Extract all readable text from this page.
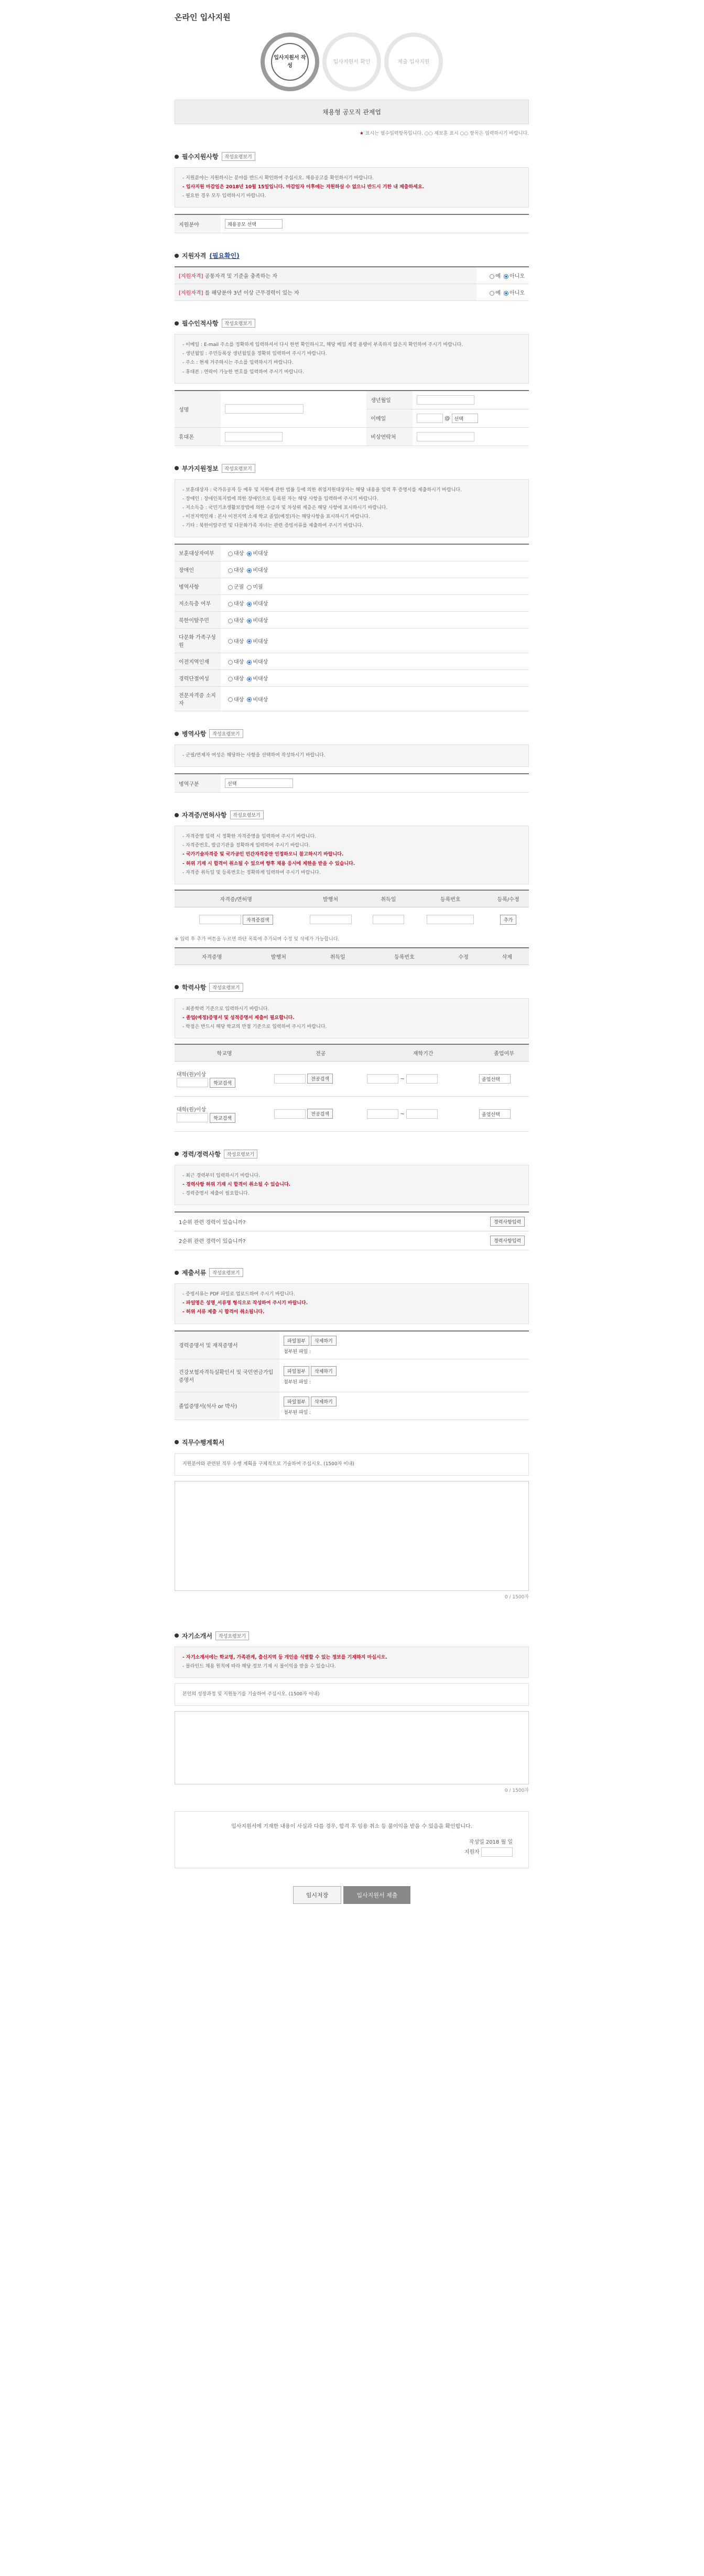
온라인 입사지원
입사지원서 작성
입사지원서 확인	제출 입사지원
채용형 공모직 관제업
★ 표시는 필수입력항목입니다. ○○ 재보훈 표시 ○○ 항목은 입력하시기 바랍니다.
필수지원사항	작성요령보기
- 지원분야는 지원하시는 분야를 반드시 확인하여 주십시오. 채용공고를 확인하시기 바랍니다.
- 입사지원 마감일은 2018년 10월 15일입니다. 마감일자 이후에는 지원하실 수 없으니 반드시 기한 내 제출하세요.
- 필요한 경우 모두 입력하시기 바랍니다.
지원분야	채용공모 선택
지원자격 (필요확인)
[지원자격] 공통자격 및 기준을 충족하는 자	예 아니오
[지원자격] 를 해당분야 3년 이상 근무경력이 있는 자	예 아니오
필수인적사항	작성요령보기
- 이메일 : E-mail 주소를 정확하게 입력하셔서 다시 한번 확인하시고, 해당 메일 계정 용량이 부족하지 않은지 확인하여 주시기 바랍니다.
- 생년월일 : 주민등록상 생년월일을 정확히 입력하여 주시기 바랍니다.
- 주소 : 현재 거주하시는 주소를 입력하시기 바랍니다.
- 휴대폰 : 연락이 가능한 번호를 입력하여 주시기 바랍니다.
성명		생년월일	
		이메일	@ 선택
휴대폰		비상연락처	
부가지원정보	작성요령보기
- 보훈대상자 : 국가유공자 등 예우 및 지원에 관한 법률 등에 의한 취업지원대상자는 해당 내용을 입력 후 증명서를 제출하시기 바랍니다.
- 장애인 : 장애인복지법에 의한 장애인으로 등록된 자는 해당 사항을 입력하여 주시기 바랍니다.
- 저소득층 : 국민기초생활보장법에 의한 수급자 및 차상위 계층은 해당 사항에 표시하시기 바랍니다.
- 이전지역인재 : 본사 이전지역 소재 학교 졸업(예정)자는 해당사항을 표시하시기 바랍니다.
- 기타 : 북한이탈주민 및 다문화가족 자녀는 관련 증빙서류를 제출하여 주시기 바랍니다.
보훈대상자여부	대상 비대상
장애인	대상 비대상
병역사항	군필 미필
저소득층 여부	대상 비대상
북한이탈주민	대상 비대상
다문화 가족구성원	대상 비대상
이전지역인재	대상 비대상
경력단절여성	대상 비대상
전문자격증 소지자	대상 비대상
병역사항	작성요령보기
- 군필/면제자 여성은 해당하는 사항을 선택하여 작성하시기 바랍니다.
병역구분	선택
자격증/면허사항	작성요령보기
- 자격증명 입력 시 정확한 자격증명을 입력하여 주시기 바랍니다.
- 자격증번호, 발급기관을 정확하게 입력하여 주시기 바랍니다.
- 국가기술자격증 및 국가공인 민간자격증만 인정하오니 참고하시기 바랍니다.
- 허위 기재 시 합격이 취소될 수 있으며 향후 채용 응시에 제한을 받을 수 있습니다.
- 자격증 취득일 및 등록번호는 정확하게 입력하여 주시기 바랍니다.
자격증/면허명	발행처	취득일	등록번호	등록/수정
자격증검색				추가
※ 입력 후 추가 버튼을 누르면 하단 목록에 추가되며 수정 및 삭제가 가능합니다.
자격증명	발행처	취득일	등록번호	수정	삭제
학력사항	작성요령보기
- 최종학력 기준으로 입력하시기 바랍니다.
- 졸업(예정)증명서 및 성적증명서 제출이 필요합니다.
- 학점은 반드시 해당 학교의 만점 기준으로 입력하여 주시기 바랍니다.
학교명	전공	재학기간	졸업여부

대학(원)이상
학교검색	전공검색	~	졸업선택

대학(원)이상
학교검색	전공검색	~	졸업선택
경력/경력사항	작성요령보기
- 최근 경력부터 입력하시기 바랍니다.
- 경력사항 허위 기재 시 합격이 취소될 수 있습니다.
- 경력증명서 제출이 필요합니다.
1순위 관련 경력이 있습니까?	경력사항입력

2순위 관련 경력이 있습니까?	경력사항입력
제출서류	작성요령보기
- 증빙서류는 PDF 파일로 업로드하여 주시기 바랍니다.
- 파일명은 성명_서류명 형식으로 작성하여 주시기 바랍니다.
- 허위 서류 제출 시 합격이 취소됩니다.
경력증명서 및 재직증명서	파일첨부 삭제하기
첨부된 파일 :

건강보험자격득실확인서 및 국민연금가입증명서	파일첨부 삭제하기
첨부된 파일 :

졸업증명서(석사 or 박사)	파일첨부 삭제하기
첨부된 파일 :
직무수행계획서
지원분야와 관련된 직무 수행 계획을 구체적으로 기술하여 주십시오. (1500자 이내)
0 / 1500자
자기소개서	작성요령보기
- 자기소개서에는 학교명, 가족관계, 출신지역 등 개인을 식별할 수 있는 정보를 기재하지 마십시오.
- 블라인드 채용 원칙에 따라 해당 정보 기재 시 불이익을 받을 수 있습니다.
본인의 성장과정 및 지원동기를 기술하여 주십시오. (1500자 이내)
0 / 1500자
입사지원서에 기재한 내용이 사실과 다를 경우, 합격 후 임용 취소 등 불이익을 받을 수 있음을 확인합니다.
작성일 2018 월 일
지원자
임시저장	입사지원서 제출
